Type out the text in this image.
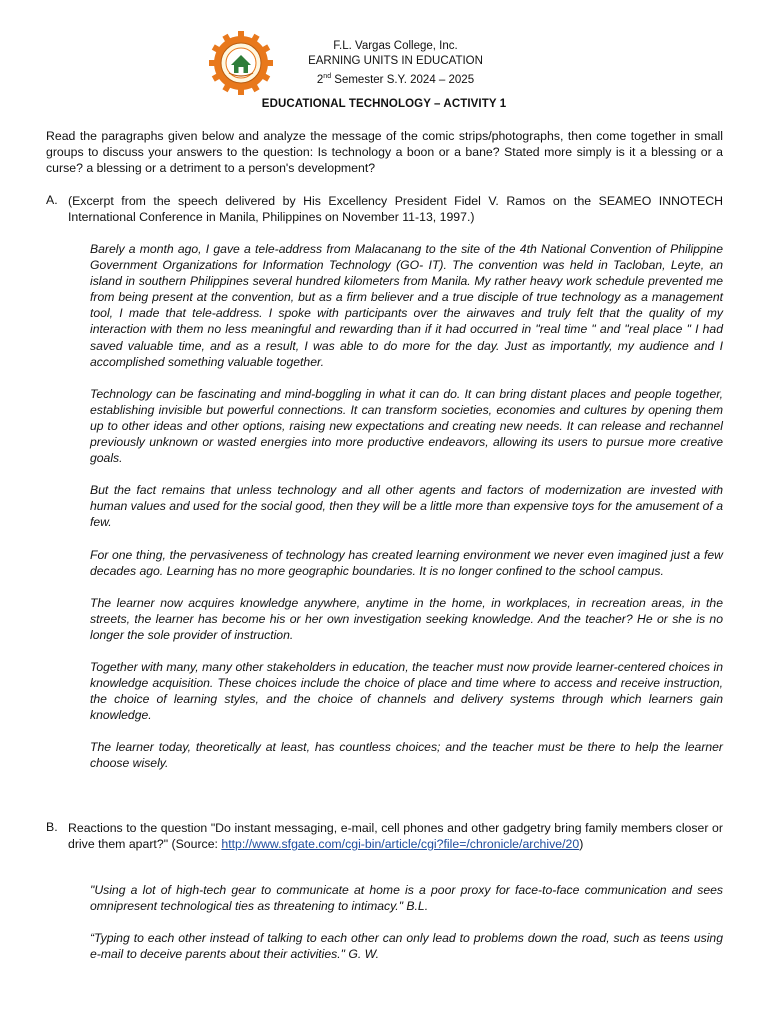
F.L. Vargas College, Inc.
EARNING UNITS IN EDUCATION
2nd Semester S.Y. 2024 – 2025
EDUCATIONAL TECHNOLOGY – ACTIVITY 1
Read the paragraphs given below and analyze the message of the comic strips/photographs, then come together in small groups to discuss your answers to the question: Is technology a boon or a bane? Stated more simply is it a blessing or a curse? a blessing or a detriment to a person's development?
A. (Excerpt from the speech delivered by His Excellency President Fidel V. Ramos on the SEAMEO INNOTECH International Conference in Manila, Philippines on November 11-13, 1997.)

Barely a month ago, I gave a tele-address from Malacanang to the site of the 4th National Convention of Philippine Government Organizations for Information Technology (GO- IT). The convention was held in Tacloban, Leyte, an island in southern Philippines several hundred kilometers from Manila. My rather heavy work schedule prevented me from being present at the convention, but as a firm believer and a true disciple of true technology as a management tool, I made that tele-address. I spoke with participants over the airwaves and truly felt that the quality of my interaction with them no less meaningful and rewarding than if it had occurred in "real time " and "real place " I had saved valuable time, and as a result, I was able to do more for the day. Just as importantly, my audience and I accomplished something valuable together.

Technology can be fascinating and mind-boggling in what it can do. It can bring distant places and people together, establishing invisible but powerful connections. It can transform societies, economies and cultures by opening them up to other ideas and other options, raising new expectations and creating new needs. It can release and rechannel previously unknown or wasted energies into more productive endeavors, allowing its users to pursue more creative goals.

But the fact remains that unless technology and all other agents and factors of modernization are invested with human values and used for the social good, then they will be a little more than expensive toys for the amusement of a few.

For one thing, the pervasiveness of technology has created learning environment we never even imagined just a few decades ago. Learning has no more geographic boundaries. It is no longer confined to the school campus.

The learner now acquires knowledge anywhere, anytime in the home, in workplaces, in recreation areas, in the streets, the learner has become his or her own investigation seeking knowledge. And the teacher? He or she is no longer the sole provider of instruction.

Together with many, many other stakeholders in education, the teacher must now provide learner-centered choices in knowledge acquisition. These choices include the choice of place and time where to access and receive instruction, the choice of learning styles, and the choice of channels and delivery systems through which learners gain knowledge.

The learner today, theoretically at least, has countless choices; and the teacher must be there to help the learner choose wisely.

B. Reactions to the question "Do instant messaging, e-mail, cell phones and other gadgetry bring family members closer or drive them apart?" (Source: http://www.sfgate.com/cgi-bin/article/cgi?file=/chronicle/archive/20)

"Using a lot of high-tech gear to communicate at home is a poor proxy for face-to-face communication and sees omnipresent technological ties as threatening to intimacy." B.L.

“Typing to each other instead of talking to each other can only lead to problems down the road, such as teens using e-mail to deceive parents about their activities." G. W.
